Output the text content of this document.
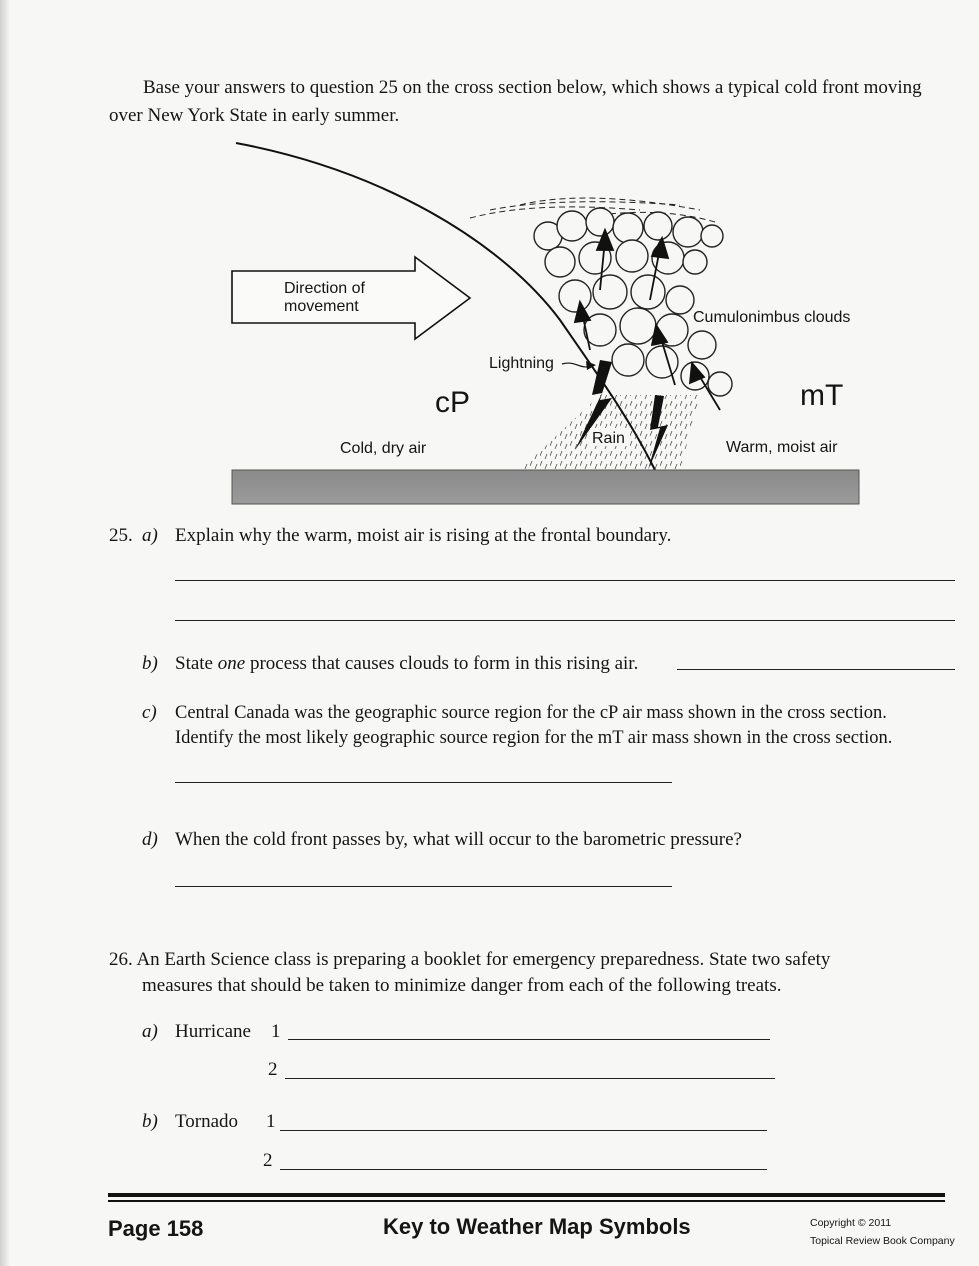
Base your answers to question 25 on the cross section below, which shows a typical cold front moving
over New York State in early summer.
Direction of
movement
Lightning
Cumulonimbus clouds
cP	mT
Cold, dry air	Warm, moist air
Rain
25. a) Explain why the warm, moist air is rising at the frontal boundary.
b) State one process that causes clouds to form in this rising air.
c) Central Canada was the geographic source region for the cP air mass shown in the cross section.
Identify the most likely geographic source region for the mT air mass shown in the cross section.
d) When the cold front passes by, what will occur to the barometric pressure?
26. An Earth Science class is preparing a booklet for emergency preparedness. State two safety
measures that should be taken to minimize danger from each of the following treats.
a) Hurricane 1
2
b) Tornado 1
2
Page 158	Key to Weather Map Symbols	Copyright © 2011
Topical Review Book Company
